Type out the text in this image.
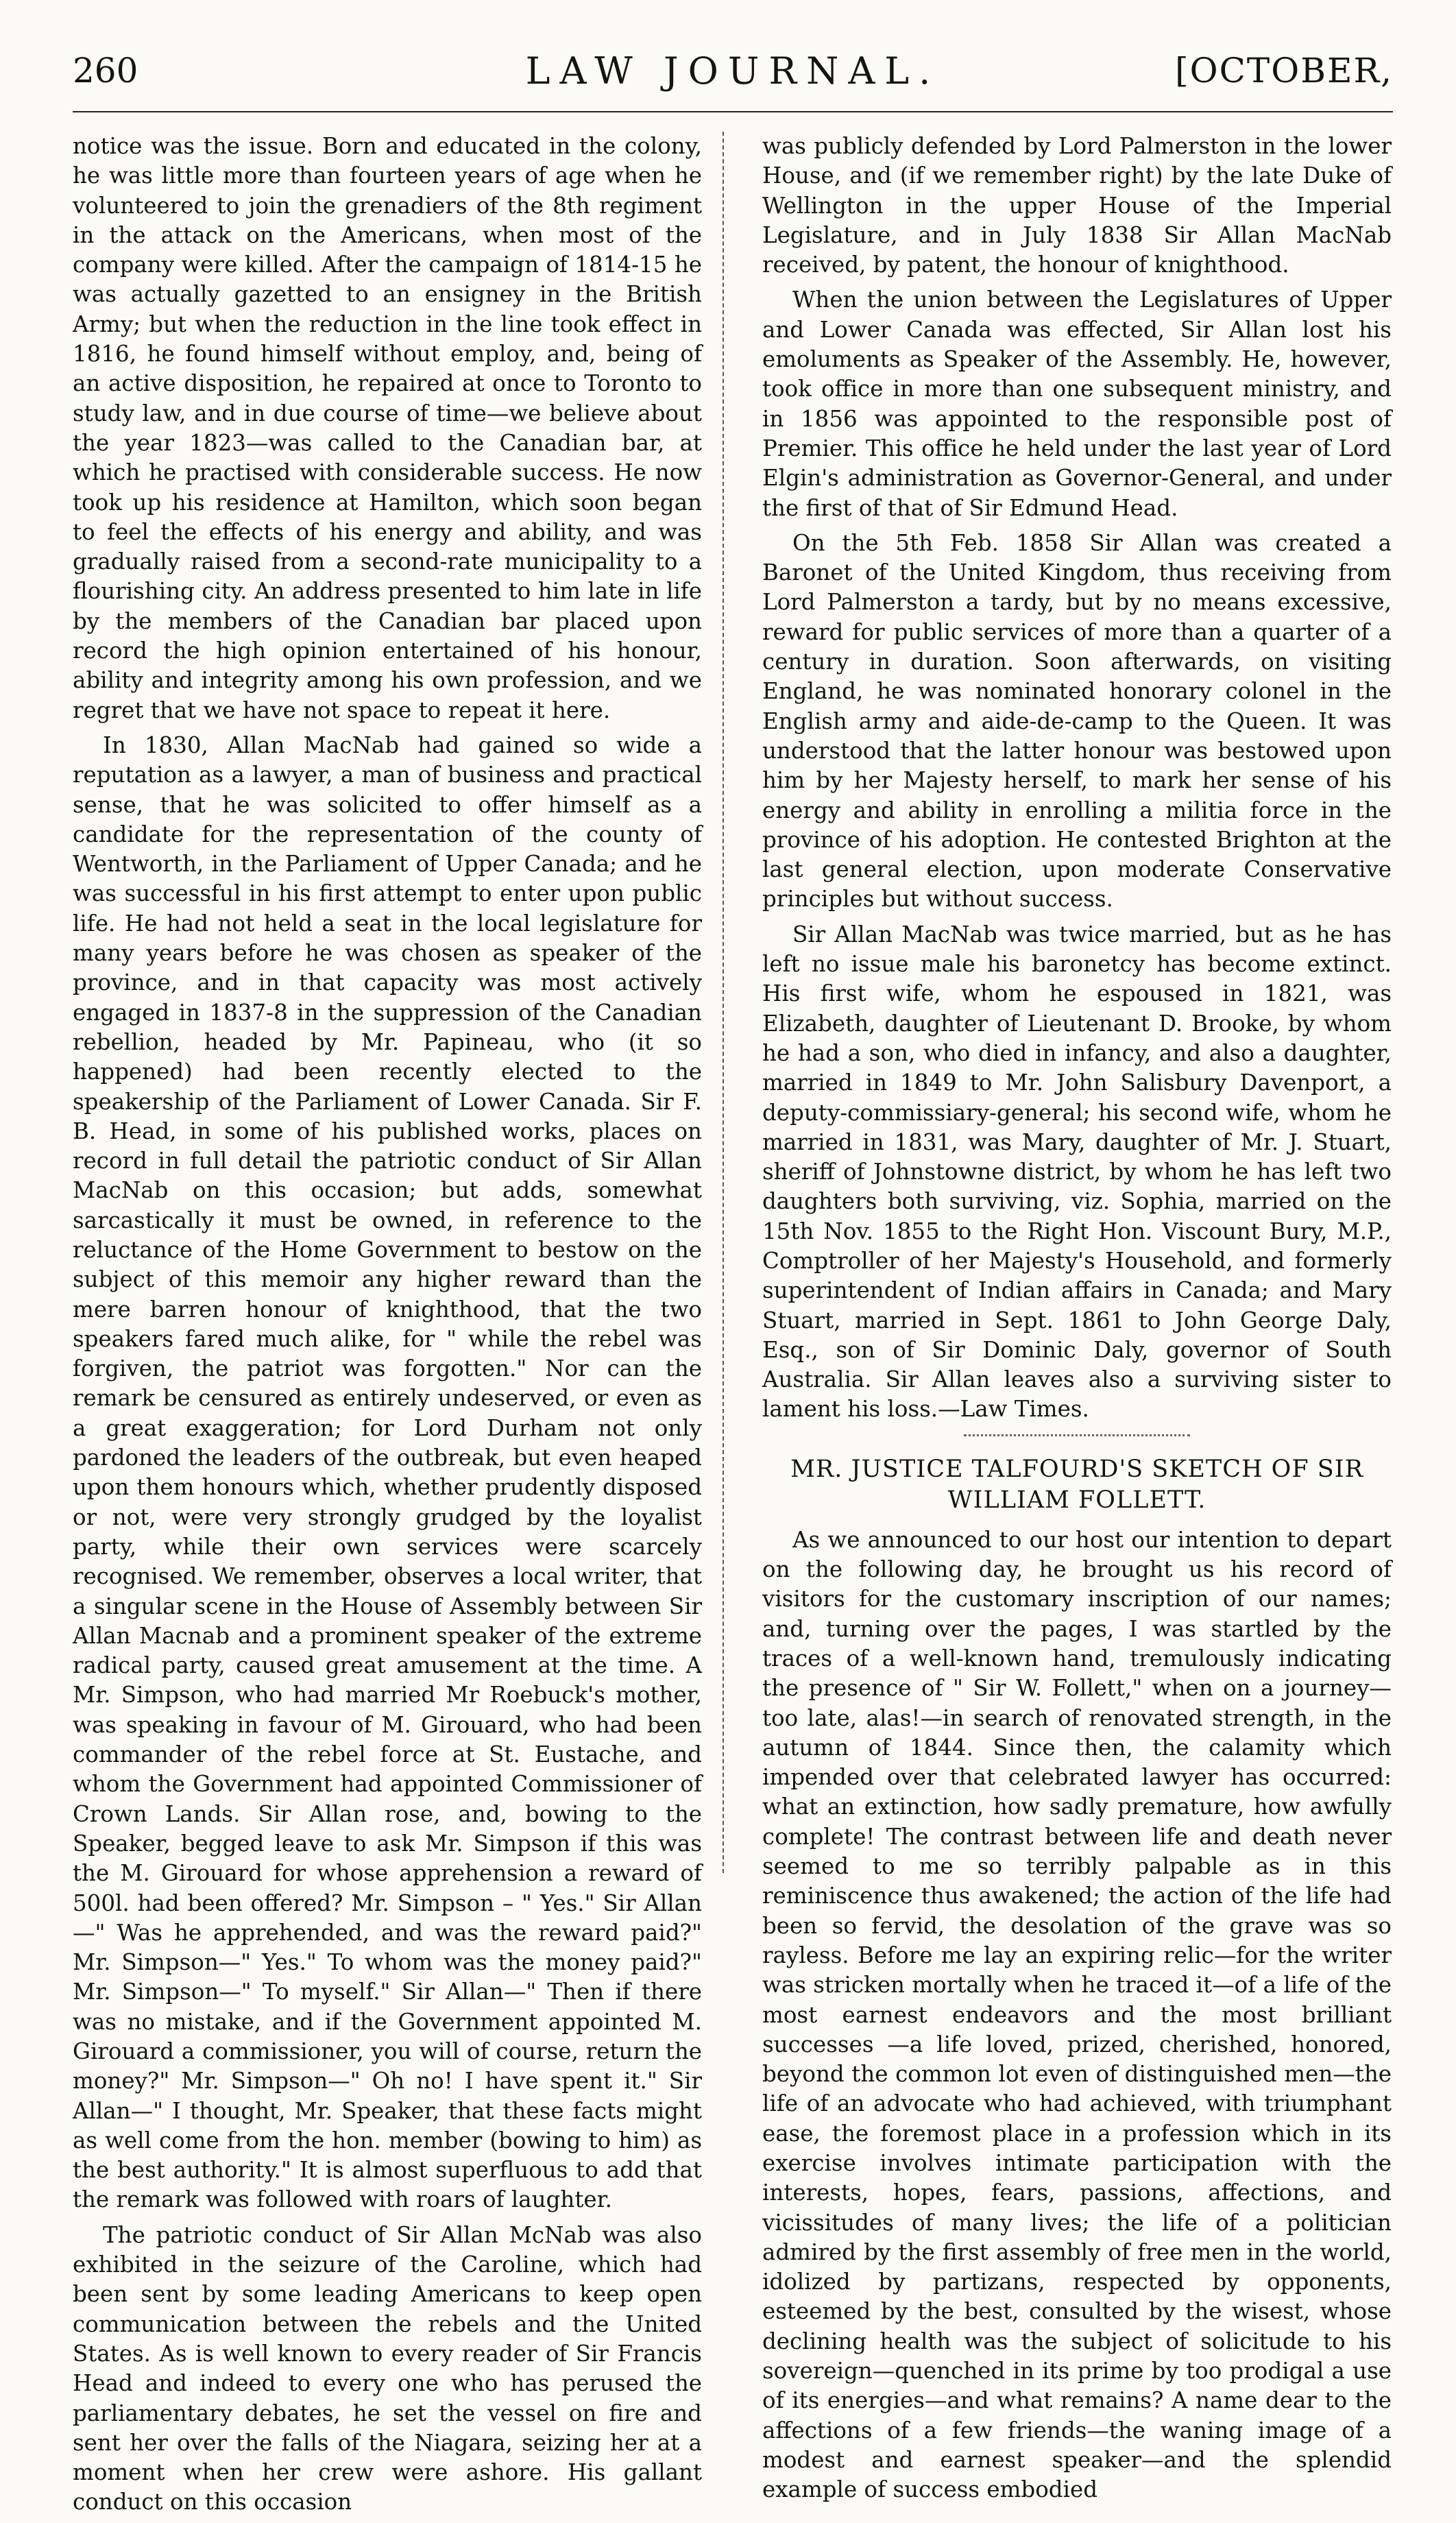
260	LAW JOURNAL.	[OCTOBER,

notice was the issue. Born and educated in the colony, he was little more than fourteen years of age when he volunteered to join the grenadiers of the 8th regiment in the attack on the Americans, when most of the company were killed. After the campaign of 1814-15 he was actually gazetted to an ensigney in the British Army; but when the reduction in the line took effect in 1816, he found himself without employ, and, being of an active disposition, he repaired at once to Toronto to study law, and in due course of time—we believe about the year 1823—was called to the Canadian bar, at which he practised with considerable success. He now took up his residence at Hamilton, which soon began to feel the effects of his energy and ability, and was gradually raised from a second-rate municipality to a flourishing city. An address presented to him late in life by the members of the Canadian bar placed upon record the high opinion entertained of his honour, ability and integrity among his own profession, and we regret that we have not space to repeat it here.

In 1830, Allan MacNab had gained so wide a reputation as a lawyer, a man of business and practical sense, that he was solicited to offer himself as a candidate for the representation of the county of Wentworth, in the Parliament of Upper Canada; and he was successful in his first attempt to enter upon public life. He had not held a seat in the local legislature for many years before he was chosen as speaker of the province, and in that capacity was most actively engaged in 1837-8 in the suppression of the Canadian rebellion, headed by Mr. Papineau, who (it so happened) had been recently elected to the speakership of the Parliament of Lower Canada. Sir F. B. Head, in some of his published works, places on record in full detail the patriotic conduct of Sir Allan MacNab on this occasion; but adds, somewhat sarcastically it must be owned, in reference to the reluctance of the Home Government to bestow on the subject of this memoir any higher reward than the mere barren honour of knighthood, that the two speakers fared much alike, for " while the rebel was forgiven, the patriot was forgotten." Nor can the remark be censured as entirely undeserved, or even as a great exaggeration; for Lord Durham not only pardoned the leaders of the outbreak, but even heaped upon them honours which, whether prudently disposed or not, were very strongly grudged by the loyalist party, while their own services were scarcely recognised. We remember, observes a local writer, that a singular scene in the House of Assembly between Sir Allan Macnab and a prominent speaker of the extreme radical party, caused great amusement at the time. A Mr. Simpson, who had married Mr Roebuck's mother, was speaking in favour of M. Girouard, who had been commander of the rebel force at St. Eustache, and whom the Government had appointed Commissioner of Crown Lands. Sir Allan rose, and, bowing to the Speaker, begged leave to ask Mr. Simpson if this was the M. Girouard for whose apprehension a reward of 500l. had been offered? Mr. Simpson – " Yes." Sir Allan—" Was he apprehended, and was the reward paid?" Mr. Simpson—" Yes." To whom was the money paid?" Mr. Simpson—" To myself." Sir Allan—" Then if there was no mistake, and if the Government appointed M. Girouard a commissioner, you will of course, return the money?" Mr. Simpson—" Oh no! I have spent it." Sir Allan—" I thought, Mr. Speaker, that these facts might as well come from the hon. member (bowing to him) as the best authority." It is almost superfluous to add that the remark was followed with roars of laughter.

The patriotic conduct of Sir Allan McNab was also exhibited in the seizure of the Caroline, which had been sent by some leading Americans to keep open communication between the rebels and the United States. As is well known to every reader of Sir Francis Head and indeed to every one who has perused the parliamentary debates, he set the vessel on fire and sent her over the falls of the Niagara, seizing her at a moment when her crew were ashore. His gallant conduct on this occasion

was publicly defended by Lord Palmerston in the lower House, and (if we remember right) by the late Duke of Wellington in the upper House of the Imperial Legislature, and in July 1838 Sir Allan MacNab received, by patent, the honour of knighthood.

When the union between the Legislatures of Upper and Lower Canada was effected, Sir Allan lost his emoluments as Speaker of the Assembly. He, however, took office in more than one subsequent ministry, and in 1856 was appointed to the responsible post of Premier. This office he held under the last year of Lord Elgin's administration as Governor-General, and under the first of that of Sir Edmund Head.

On the 5th Feb. 1858 Sir Allan was created a Baronet of the United Kingdom, thus receiving from Lord Palmerston a tardy, but by no means excessive, reward for public services of more than a quarter of a century in duration. Soon afterwards, on visiting England, he was nominated honorary colonel in the English army and aide-de-camp to the Queen. It was understood that the latter honour was bestowed upon him by her Majesty herself, to mark her sense of his energy and ability in enrolling a militia force in the province of his adoption. He contested Brighton at the last general election, upon moderate Conservative principles but without success.

Sir Allan MacNab was twice married, but as he has left no issue male his baronetcy has become extinct. His first wife, whom he espoused in 1821, was Elizabeth, daughter of Lieutenant D. Brooke, by whom he had a son, who died in infancy, and also a daughter, married in 1849 to Mr. John Salisbury Davenport, a deputy-commissiary-general; his second wife, whom he married in 1831, was Mary, daughter of Mr. J. Stuart, sheriff of Johnstowne district, by whom he has left two daughters both surviving, viz. Sophia, married on the 15th Nov. 1855 to the Right Hon. Viscount Bury, M.P., Comptroller of her Majesty's Household, and formerly superintendent of Indian affairs in Canada; and Mary Stuart, married in Sept. 1861 to John George Daly, Esq., son of Sir Dominic Daly, governor of South Australia. Sir Allan leaves also a surviving sister to lament his loss.—Law Times.

MR. JUSTICE TALFOURD'S SKETCH OF SIR WILLIAM FOLLETT.

As we announced to our host our intention to depart on the following day, he brought us his record of visitors for the customary inscription of our names; and, turning over the pages, I was startled by the traces of a well-known hand, tremulously indicating the presence of " Sir W. Follett," when on a journey—too late, alas!—in search of renovated strength, in the autumn of 1844. Since then, the calamity which impended over that celebrated lawyer has occurred: what an extinction, how sadly premature, how awfully complete! The contrast between life and death never seemed to me so terribly palpable as in this reminiscence thus awakened; the action of the life had been so fervid, the desolation of the grave was so rayless. Before me lay an expiring relic—for the writer was stricken mortally when he traced it—of a life of the most earnest endeavors and the most brilliant successes —a life loved, prized, cherished, honored, beyond the common lot even of distinguished men—the life of an advocate who had achieved, with triumphant ease, the foremost place in a profession which in its exercise involves intimate participation with the interests, hopes, fears, passions, affections, and vicissitudes of many lives; the life of a politician admired by the first assembly of free men in the world, idolized by partizans, respected by opponents, esteemed by the best, consulted by the wisest, whose declining health was the subject of solicitude to his sovereign—quenched in its prime by too prodigal a use of its energies—and what remains? A name dear to the affections of a few friends—the waning image of a modest and earnest speaker—and the splendid example of success embodied
